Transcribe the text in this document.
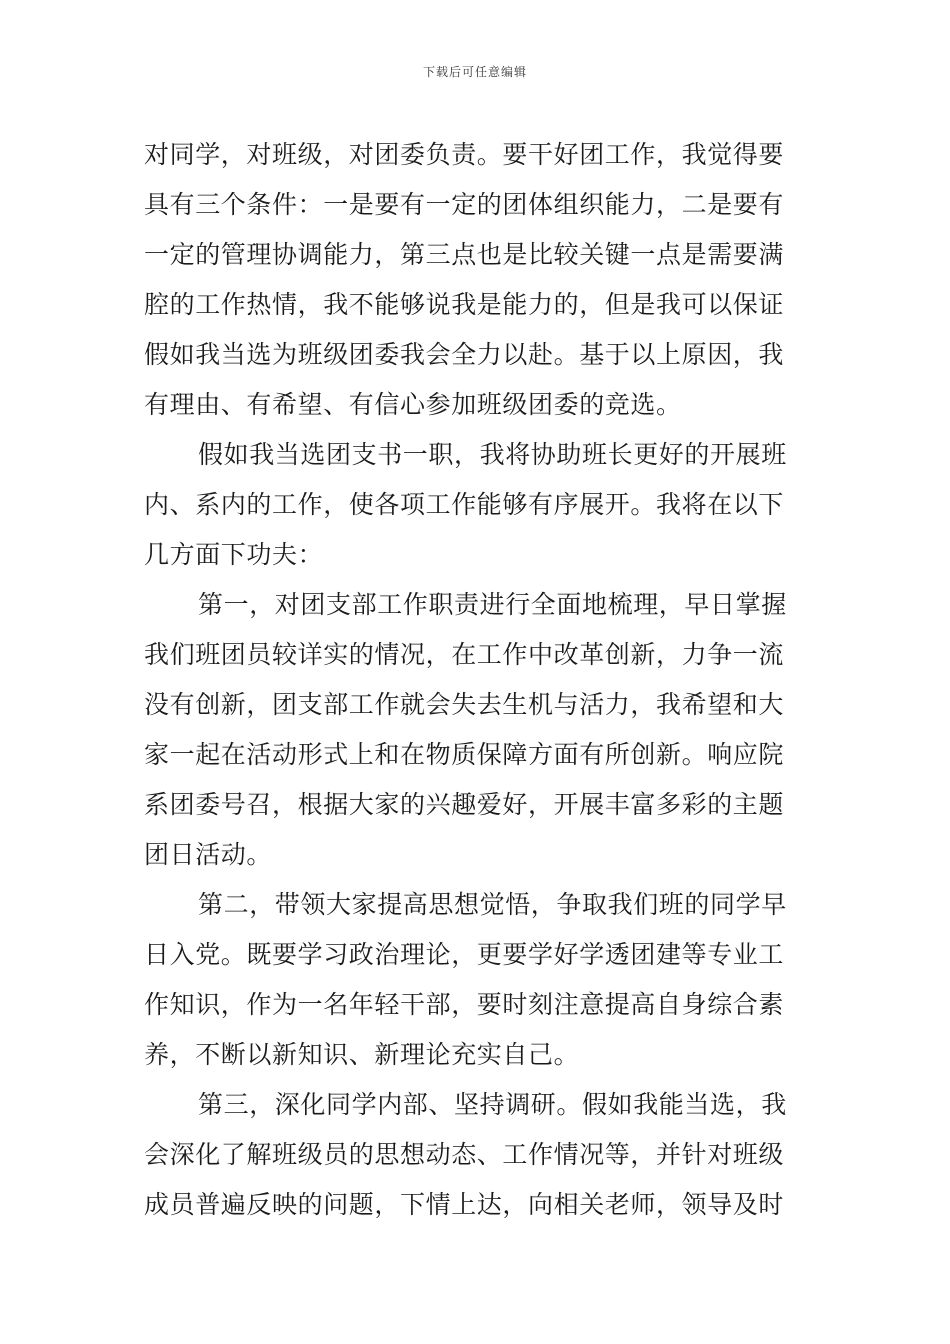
下载后可任意编辑
对同学，对班级，对团委负责。要干好团工作，我觉得要
具有三个条件：一是要有一定的团体组织能力，二是要有
一定的管理协调能力，第三点也是比较关键一点是需要满
腔的工作热情，我不能够说我是能力的，但是我可以保证
假如我当选为班级团委我会全力以赴。基于以上原因，我
有理由、有希望、有信心参加班级团委的竞选。
假如我当选团支书一职，我将协助班长更好的开展班
内、系内的工作，使各项工作能够有序展开。我将在以下
几方面下功夫：
第一，对团支部工作职责进行全面地梳理，早日掌握
我们班团员较详实的情况，在工作中改革创新，力争一流
没有创新，团支部工作就会失去生机与活力，我希望和大
家一起在活动形式上和在物质保障方面有所创新。响应院
系团委号召，根据大家的兴趣爱好，开展丰富多彩的主题
团日活动。
第二，带领大家提高思想觉悟，争取我们班的同学早
日入党。既要学习政治理论，更要学好学透团建等专业工
作知识，作为一名年轻干部，要时刻注意提高自身综合素
养，不断以新知识、新理论充实自己。
第三，深化同学内部、坚持调研。假如我能当选，我
会深化了解班级员的思想动态、工作情况等，并针对班级
成员普遍反映的问题，下情上达，向相关老师，领导及时
